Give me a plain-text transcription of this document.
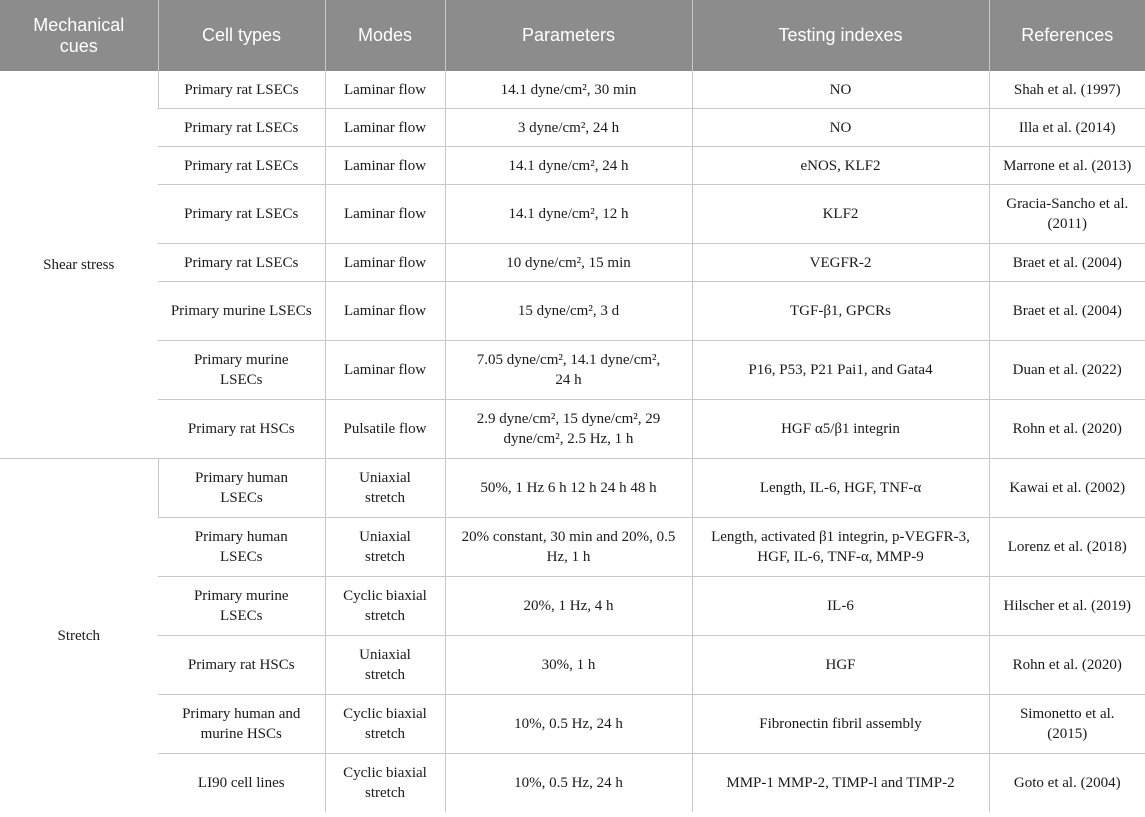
Mechanical cues	Cell types	Modes	Parameters	Testing indexes	References
Shear stress	Primary rat LSECs	Laminar flow	14.1 dyne/cm², 30 min	NO	Shah et al. (1997)
	Primary rat LSECs	Laminar flow	3 dyne/cm², 24 h	NO	Illa et al. (2014)
	Primary rat LSECs	Laminar flow	14.1 dyne/cm², 24 h	eNOS, KLF2	Marrone et al. (2013)
	Primary rat LSECs	Laminar flow	14.1 dyne/cm², 12 h	KLF2	Gracia-Sancho et al. (2011)
	Primary rat LSECs	Laminar flow	10 dyne/cm², 15 min	VEGFR-2	Braet et al. (2004)
	Primary murine LSECs	Laminar flow	15 dyne/cm², 3 d	TGF-β1, GPCRs	Braet et al. (2004)
	Primary murine LSECs	Laminar flow	7.05 dyne/cm², 14.1 dyne/cm², 24 h	P16, P53, P21 Pai1, and Gata4	Duan et al. (2022)
	Primary rat HSCs	Pulsatile flow	2.9 dyne/cm², 15 dyne/cm², 29 dyne/cm², 2.5 Hz, 1 h	HGF α5/β1 integrin	Rohn et al. (2020)
Stretch	Primary human LSECs	Uniaxial stretch	50%, 1 Hz 6 h 12 h 24 h 48 h	Length, IL-6, HGF, TNF-α	Kawai et al. (2002)
	Primary human LSECs	Uniaxial stretch	20% constant, 30 min and 20%, 0.5 Hz, 1 h	Length, activated β1 integrin, p-VEGFR-3, HGF, IL-6, TNF-α, MMP-9	Lorenz et al. (2018)
	Primary murine LSECs	Cyclic biaxial stretch	20%, 1 Hz, 4 h	IL-6	Hilscher et al. (2019)
	Primary rat HSCs	Uniaxial stretch	30%, 1 h	HGF	Rohn et al. (2020)
	Primary human and murine HSCs	Cyclic biaxial stretch	10%, 0.5 Hz, 24 h	Fibronectin fibril assembly	Simonetto et al. (2015)
	LI90 cell lines	Cyclic biaxial stretch	10%, 0.5 Hz, 24 h	MMP-1 MMP-2, TIMP-l and TIMP-2	Goto et al. (2004)
